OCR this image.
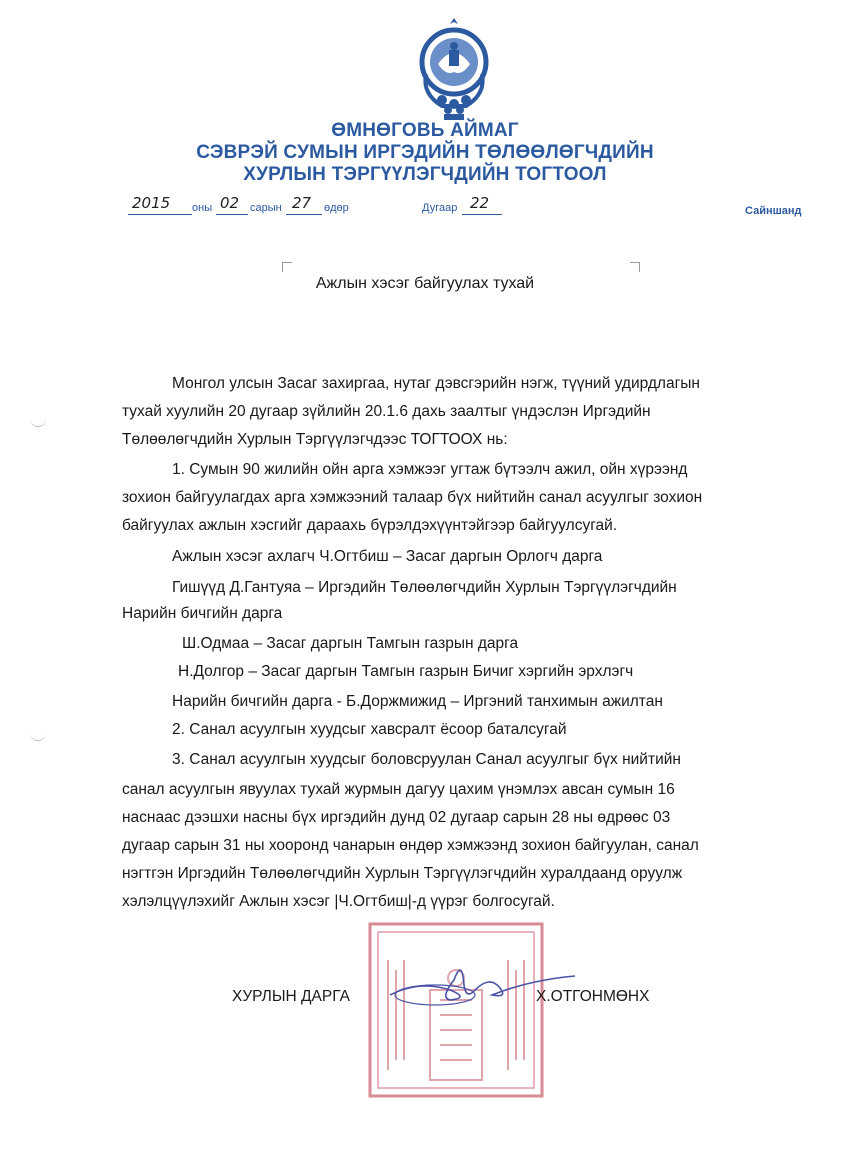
ӨМНӨГОВЬ АЙМАГ
СЭВРЭЙ СУМЫН ИРГЭДИЙН ТӨЛӨӨЛӨГЧДИЙН
ХУРЛЫН ТЭРГҮҮЛЭГЧДИЙН ТОГТООЛ
2015 оны 02 сарын 27 өдөр	Дугаар 22	Сайншанд
Ажлын хэсэг байгуулах тухай
Монгол улсын Засаг захиргаа, нутаг дэвсгэрийн нэгж, түүний удирдлагын
тухай хуулийн 20 дугаар зүйлийн 20.1.6 дахь заалтыг үндэслэн Иргэдийн
Төлөөлөгчдийн Хурлын Тэргүүлэгчдээс ТОГТООХ нь:
1. Сумын 90 жилийн ойн арга хэмжээг угтаж бүтээлч ажил, ойн хүрээнд
зохион байгуулагдах арга хэмжээний талаар бүх нийтийн санал асуулгыг зохион
байгуулах ажлын хэсгийг дараахь бүрэлдэхүүнтэйгээр байгуулсугай.
Ажлын хэсэг ахлагч Ч.Огтбиш – Засаг даргын Орлогч дарга
Гишүүд Д.Гантуяа – Иргэдийн Төлөөлөгчдийн Хурлын Тэргүүлэгчдийн
Нарийн бичгийн дарга
Ш.Одмаа – Засаг даргын Тамгын газрын дарга
Н.Долгор – Засаг даргын Тамгын газрын Бичиг хэргийн эрхлэгч
Нарийн бичгийн дарга - Б.Доржмижид – Иргэний танхимын ажилтан
2. Санал асуулгын хуудсыг хавсралт ёсоор баталсугай
3. Санал асуулгын хуудсыг боловсруулан Санал асуулгыг бүх нийтийн
санал асуулгын явуулах тухай журмын дагуу цахим үнэмлэх авсан сумын 16
наснаас дээшхи насны бүх иргэдийн дунд 02 дугаар сарын 28 ны өдрөөс 03
дугаар сарын 31 ны хооронд чанарын өндөр хэмжээнд зохион байгуулан, санал
нэгтгэн Иргэдийн Төлөөлөгчдийн Хурлын Тэргүүлэгчдийн хуралдаанд оруулж
хэлэлцүүлэхийг Ажлын хэсэг |Ч.Огтбиш|-д үүрэг болгосугай.
ХУРЛЫН ДАРГА	Х.ОТГОНМӨНХ
